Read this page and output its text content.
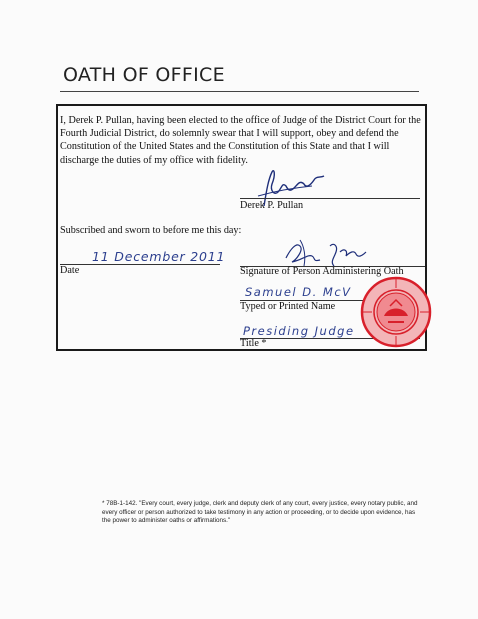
OATH OF OFFICE
I, Derek P. Pullan, having been elected to the office of Judge of the District Court for the Fourth Judicial District, do solemnly swear that I will support, obey and defend the Constitution of the United States and the Constitution of this State and that I will discharge the duties of my office with fidelity.
Derek P. Pullan
Subscribed and sworn to before me this day:
11 December 2011
Date	Signature of Person Administering Oath
Samuel D. McV
Typed or Printed Name
Presiding Judge
Title *
* 78B-1-142. "Every court, every judge, clerk and deputy clerk of any court, every justice, every notary public, and every officer or person authorized to take testimony in any action or proceeding, or to decide upon evidence, has the power to administer oaths or affirmations."
